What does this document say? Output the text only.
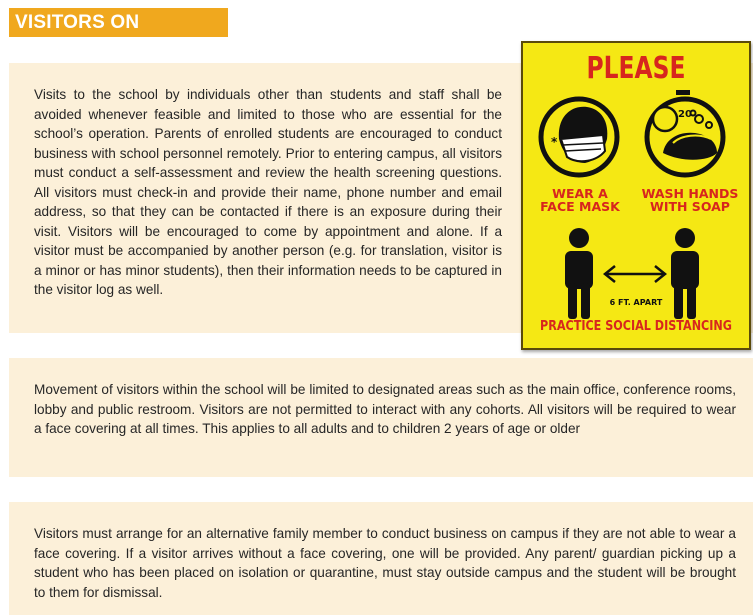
VISITORS ON CAMPUS
Visits to the school by individuals other than students and staff shall be avoided whenever feasible and limited to those who are essential for the school’s operation. Parents of enrolled students are encouraged to conduct business with school personnel remotely. Prior to entering campus, all visitors must conduct a self-assessment and review the health screening questions. All visitors must check-in and provide their name, phone number and email address, so that they can be contacted if there is an exposure during their visit. Visitors will be encouraged to come by appointment and alone. If a visitor must be accompanied by another person (e.g. for translation, visitor is a minor or has minor students), then their information needs to be captured in the visitor log as well.
*
20
PLEASE
WEAR A FACE MASK
WASH HANDS WITH SOAP
6 FT. APART
PRACTICE SOCIAL DISTANCING
Movement of visitors within the school will be limited to designated areas such as the main office, conference rooms, lobby and public restroom. Visitors are not permitted to interact with any cohorts. All visitors will be required to wear a face covering at all times. This applies to all adults and to children 2 years of age or older
Visitors must arrange for an alternative family member to conduct business on campus if they are not able to wear a face covering. If a visitor arrives without a face covering, one will be provided. Any parent/ guardian picking up a student who has been placed on isolation or quarantine, must stay outside campus and the student will be brought to them for dismissal.
